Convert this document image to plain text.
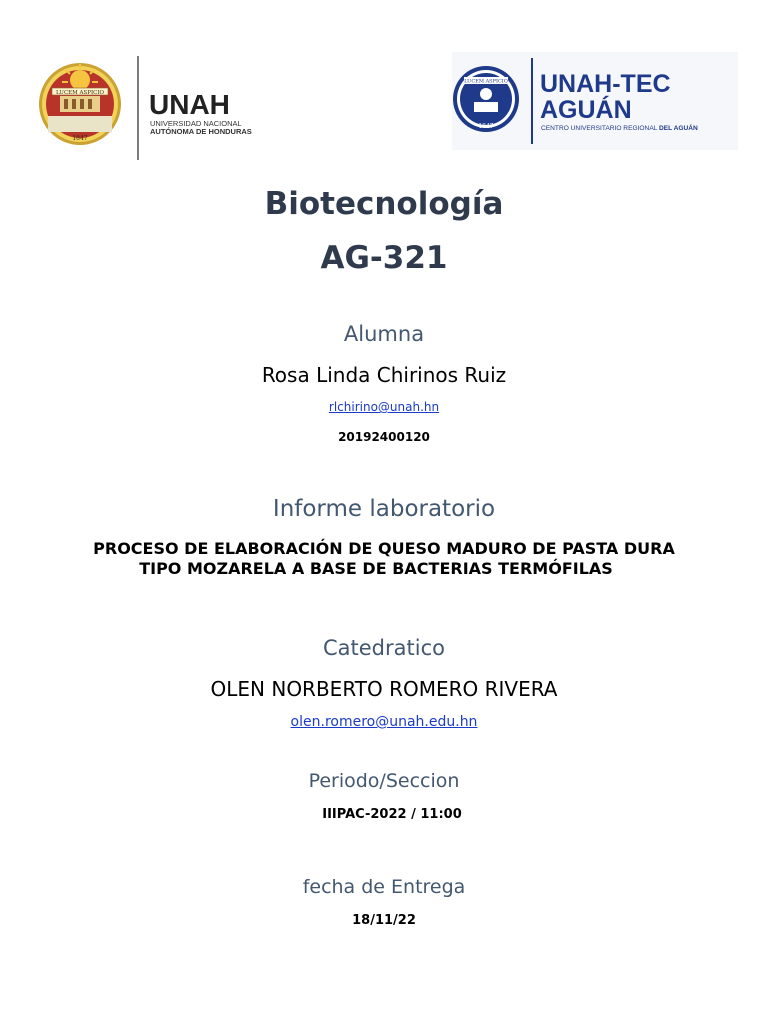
LUCEM ASPICIO
1847
UNAH
UNIVERSIDAD NACIONAL
AUTÓNOMA DE HONDURAS
LUCEM ASPICIO
1847
UNAH-TEC
AGUÁN
CENTRO UNIVERSITARIO REGIONAL DEL AGUÁN
Biotecnología
AG-321
Alumna
Rosa Linda Chirinos Ruiz
rlchirino@unah.hn
20192400120
Informe laboratorio
PROCESO DE ELABORACIÓN DE QUESO MADURO DE PASTA DURA
TIPO MOZARELA A BASE DE BACTERIAS TERMÓFILAS
Catedratico
OLEN NORBERTO ROMERO RIVERA
olen.romero@unah.edu.hn
Periodo/Seccion
IIIPAC-2022 / 11:00
fecha de Entrega
18/11/22
